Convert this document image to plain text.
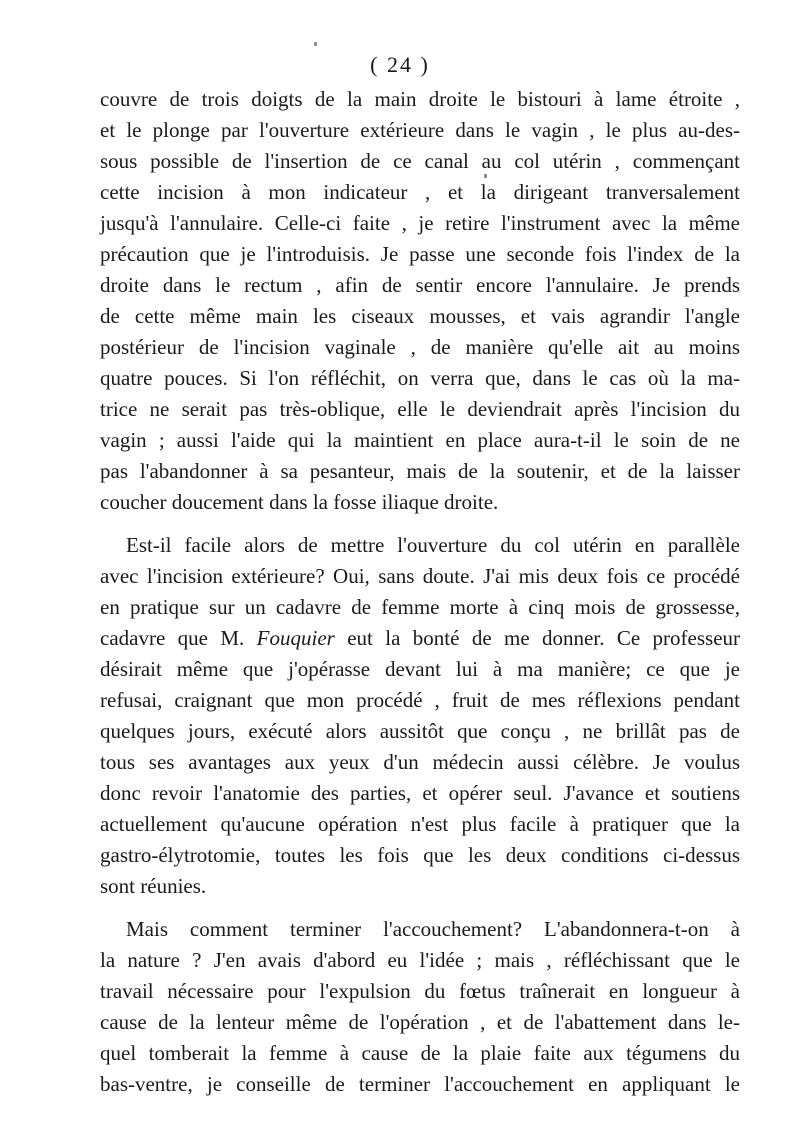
( 24 )
couvre de trois doigts de la main droite le bistouri à lame étroite ,
et le plonge par l'ouverture extérieure dans le vagin , le plus au-des-
sous possible de l'insertion de ce canal au col utérin , commençant
cette incision à mon indicateur , et la dirigeant tranversalement
jusqu'à l'annulaire. Celle-ci faite , je retire l'instrument avec la même
précaution que je l'introduisis. Je passe une seconde fois l'index de la
droite dans le rectum , afin de sentir encore l'annulaire. Je prends
de cette même main les ciseaux mousses, et vais agrandir l'angle
postérieur de l'incision vaginale , de manière qu'elle ait au moins
quatre pouces. Si l'on réfléchit, on verra que, dans le cas où la ma-
trice ne serait pas très-oblique, elle le deviendrait après l'incision du
vagin ; aussi l'aide qui la maintient en place aura-t-il le soin de ne
pas l'abandonner à sa pesanteur, mais de la soutenir, et de la laisser
coucher doucement dans la fosse iliaque droite.
Est-il facile alors de mettre l'ouverture du col utérin en parallèle
avec l'incision extérieure? Oui, sans doute. J'ai mis deux fois ce procédé
en pratique sur un cadavre de femme morte à cinq mois de grossesse,
cadavre que M. Fouquier eut la bonté de me donner. Ce professeur
désirait même que j'opérasse devant lui à ma manière; ce que je
refusai, craignant que mon procédé , fruit de mes réflexions pendant
quelques jours, exécuté alors aussitôt que conçu , ne brillât pas de
tous ses avantages aux yeux d'un médecin aussi célèbre. Je voulus
donc revoir l'anatomie des parties, et opérer seul. J'avance et soutiens
actuellement qu'aucune opération n'est plus facile à pratiquer que la
gastro-élytrotomie, toutes les fois que les deux conditions ci-dessus
sont réunies.
Mais comment terminer l'accouchement? L'abandonnera-t-on à
la nature ? J'en avais d'abord eu l'idée ; mais , réfléchissant que le
travail nécessaire pour l'expulsion du fœtus traînerait en longueur à
cause de la lenteur même de l'opération , et de l'abattement dans le-
quel tomberait la femme à cause de la plaie faite aux tégumens du
bas-ventre, je conseille de terminer l'accouchement en appliquant le
